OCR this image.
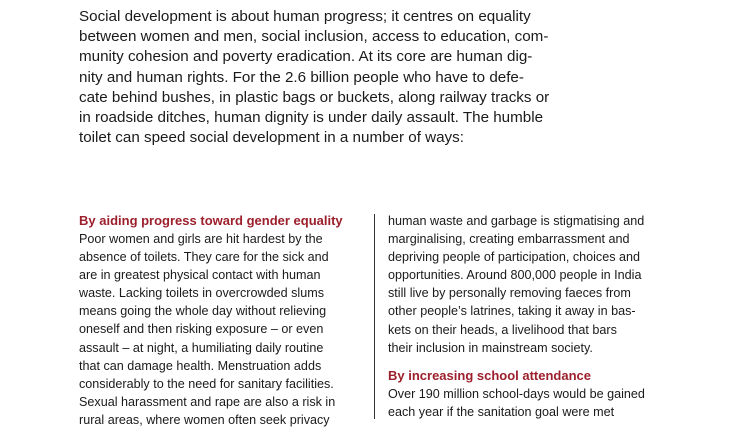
Social development is about human progress; it centres on equality
between women and men, social inclusion, access to education, com-
munity cohesion and poverty eradication. At its core are human dig-
nity and human rights. For the 2.6 billion people who have to defe-
cate behind bushes, in plastic bags or buckets, along railway tracks or
in roadside ditches, human dignity is under daily assault. The humble
toilet can speed social development in a number of ways:
By aiding progress toward gender equality
Poor women and girls are hit hardest by the
absence of toilets. They care for the sick and
are in greatest physical contact with human
waste. Lacking toilets in overcrowded slums
means going the whole day without relieving
oneself and then risking exposure – or even
assault – at night, a humiliating daily routine
that can damage health. Menstruation adds
considerably to the need for sanitary facilities.
Sexual harassment and rape are also a risk in
rural areas, where women often seek privacy
human waste and garbage is stigmatising and
marginalising, creating embarrassment and
depriving people of participation, choices and
opportunities. Around 800,000 people in India
still live by personally removing faeces from
other people’s latrines, taking it away in bas-
kets on their heads, a livelihood that bars
their inclusion in mainstream society.
By increasing school attendance
Over 190 million school-days would be gained
each year if the sanitation goal were met
